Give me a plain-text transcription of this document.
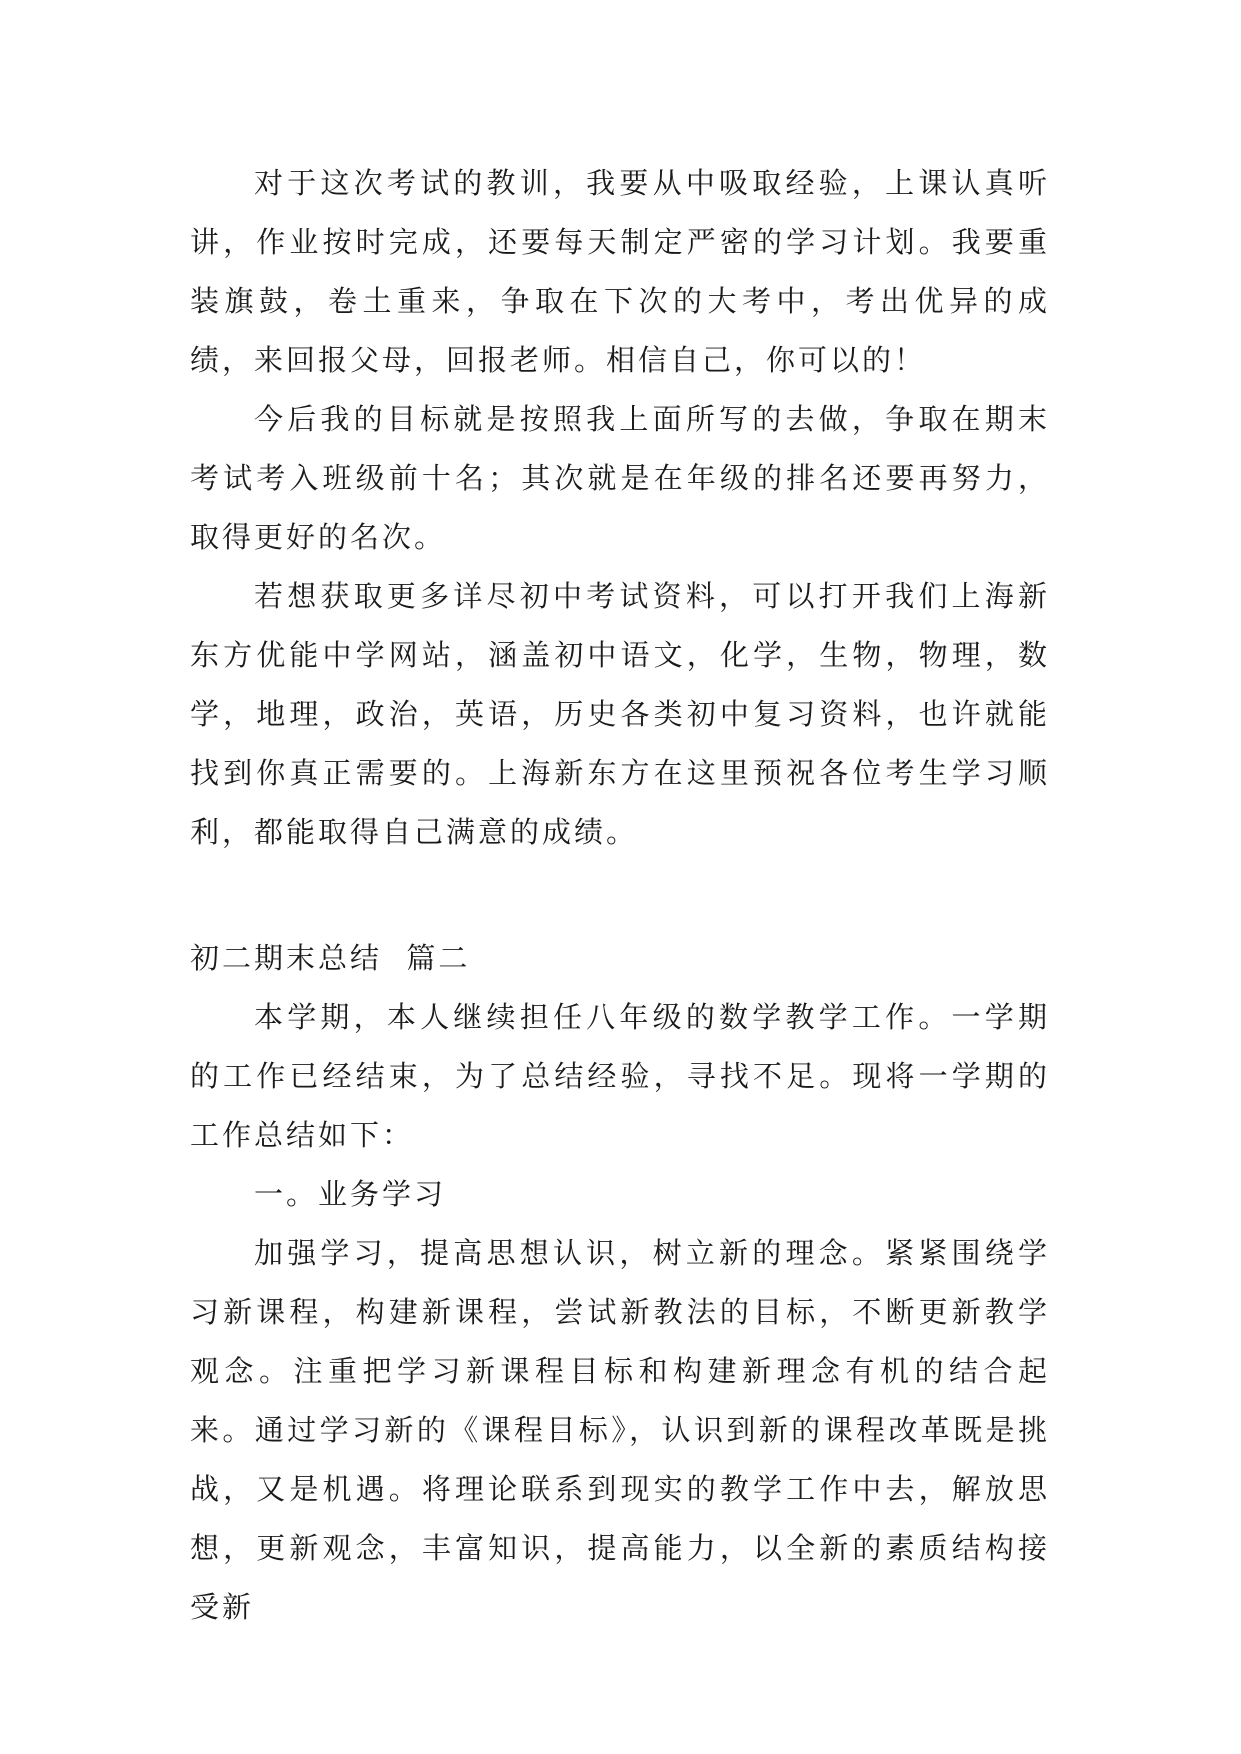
对于这次考试的教训，我要从中吸取经验，上课认真听讲，作业按时完成，还要每天制定严密的学习计划。我要重装旗鼓，卷土重来，争取在下次的大考中，考出优异的成绩，来回报父母，回报老师。相信自己，你可以的！

今后我的目标就是按照我上面所写的去做，争取在期末考试考入班级前十名；其次就是在年级的排名还要再努力，取得更好的名次。

若想获取更多详尽初中考试资料，可以打开我们上海新东方优能中学网站，涵盖初中语文，化学，生物，物理，数学，地理，政治，英语，历史各类初中复习资料，也许就能找到你真正需要的。上海新东方在这里预祝各位考生学习顺利，都能取得自己满意的成绩。

初二期末总结  篇二

本学期，本人继续担任八年级的数学教学工作。一学期的工作已经结束，为了总结经验，寻找不足。现将一学期的工作总结如下：

一。业务学习

加强学习，提高思想认识，树立新的理念。紧紧围绕学习新课程，构建新课程，尝试新教法的目标，不断更新教学观念。注重把学习新课程目标和构建新理念有机的结合起来。通过学习新的《课程目标》，认识到新的课程改革既是挑战，又是机遇。将理论联系到现实的教学工作中去，解放思想，更新观念，丰富知识，提高能力，以全新的素质结构接受新
